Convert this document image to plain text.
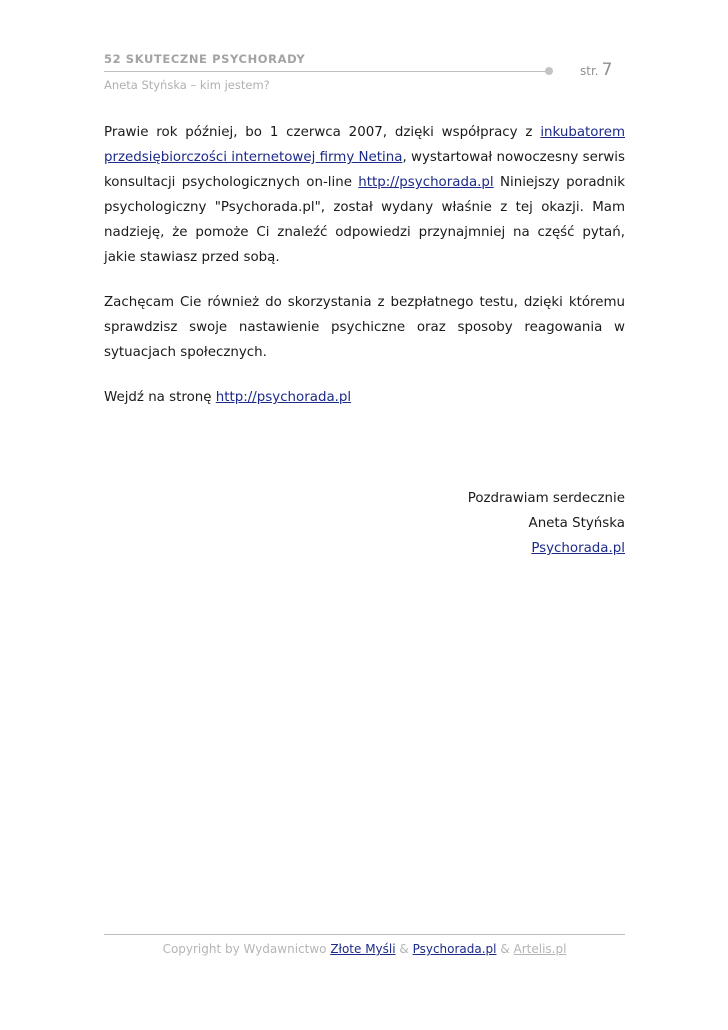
52 SKUTECZNE PSYCHORADY
str. 7
Aneta Styńska – kim jestem?

Prawie rok później, bo 1 czerwca 2007, dzięki współpracy z inkubatorem przedsiębiorczości internetowej firmy Netina, wystartował nowoczesny serwis konsultacji psychologicznych on-line http://psychorada.pl Niniejszy poradnik psychologiczny "Psychorada.pl", został wydany właśnie z tej okazji. Mam nadzieję, że pomoże Ci znaleźć odpowiedzi przynajmniej na część pytań, jakie stawiasz przed sobą.

Zachęcam Cie również do skorzystania z bezpłatnego testu, dzięki któremu sprawdzisz swoje nastawienie psychiczne oraz sposoby reagowania w sytuacjach społecznych.

Wejdź na stronę http://psychorada.pl

Pozdrawiam serdecznie
Aneta Styńska
Psychorada.pl
Copyright by Wydawnictwo Złote Myśli & Psychorada.pl & Artelis.pl
